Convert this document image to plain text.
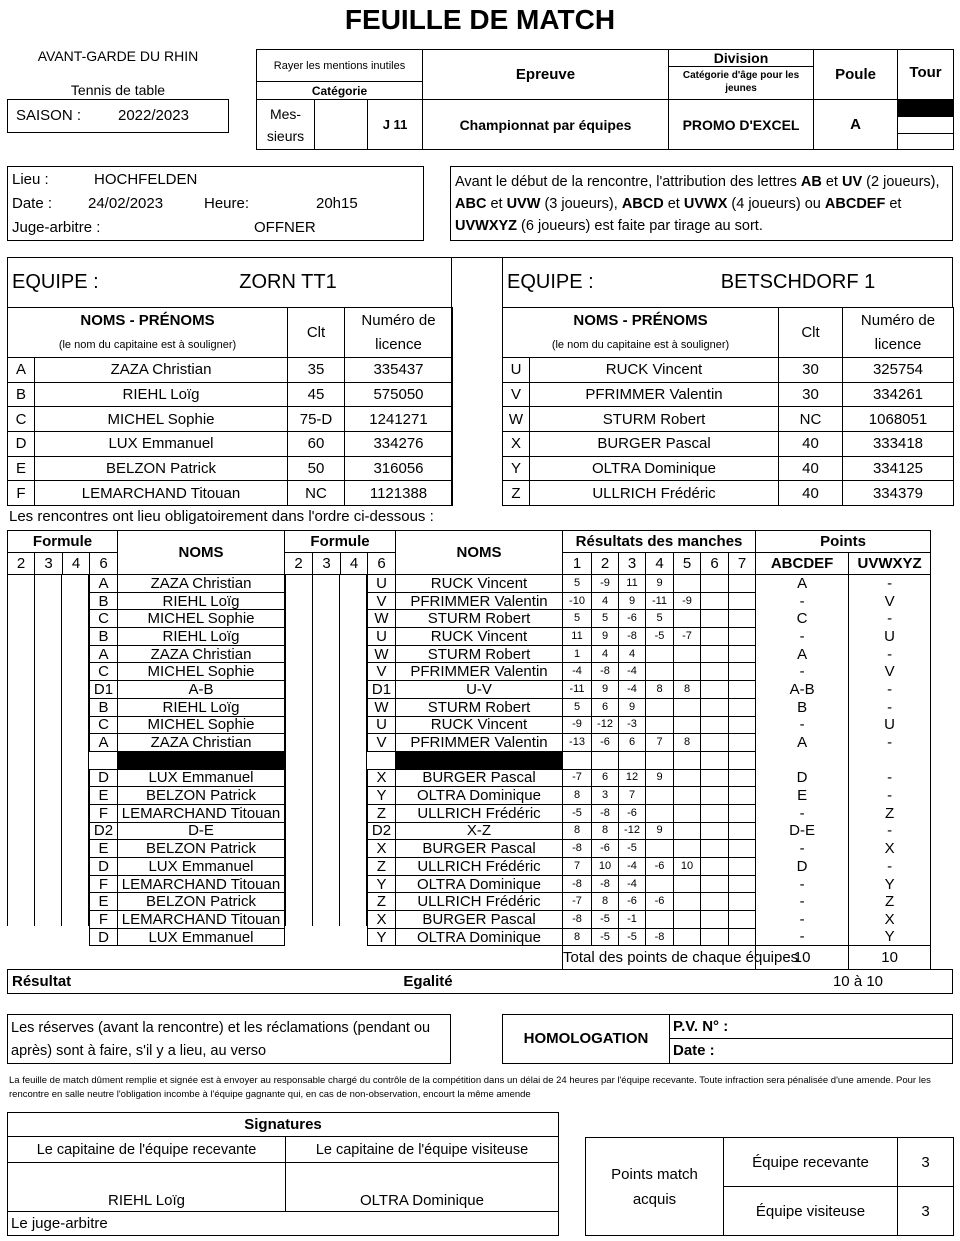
FEUILLE DE MATCH
AVANT-GARDE DU RHIN
Tennis de table
SAISON : 2022/2023
Rayer les mentions inutiles			Epreuve	Division
Catégorie d'âge pour les jeunes	Poule	Tour
Catégorie						
Mes-sieurs		J 11	Championnat par équipes	PROMO D'EXCEL	A	
Lieu :	HOCHFELDEN
Date : 24/02/2023	Heure:	20h15
Juge-arbitre :	OFFNER
Avant le début de la rencontre, l'attribution des lettres AB et UV (2 joueurs), ABC et UVW (3 joueurs), ABCD et UVWX (4 joueurs) ou ABCDEF et UVWXYZ (6 joueurs) est faite par tirage au sort.
EQUIPE :	ZORN TT1	EQUIPE :	BETSCHDORF 1
NOMS - PRÉNOMS		Clt	Numéro de licence
(le nom du capitaine est à souligner)			
A	ZAZA Christian	35	335437
B	RIEHL Loïg	45	575050
C	MICHEL Sophie	75-D	1241271
D	LUX Emmanuel	60	334276
E	BELZON Patrick	50	316056
F	LEMARCHAND Titouan	NC	1121388
NOMS - PRÉNOMS		Clt	Numéro de licence
(le nom du capitaine est à souligner)			
U	RUCK Vincent	30	325754
V	PFRIMMER Valentin	30	334261
W	STURM Robert	NC	1068051
X	BURGER Pascal	40	333418
Y	OLTRA Dominique	40	334125
Z	ULLRICH Frédéric	40	334379
Les rencontres ont lieu obligatoirement dans l'ordre ci-dessous :
Formule				NOMS	Formule				NOMS	Résultats des manches							Points	
2	3	4	6		2	3	4	6		1	2	3	4	5	6	7	ABCDEF	UVWXYZ
			A	ZAZA Christian				U	RUCK Vincent	5	-9	11	9				A	-
			B	RIEHL Loïg				V	PFRIMMER Valentin	-10	4	9	-11	-9			-	V
			C	MICHEL Sophie				W	STURM Robert	5	5	-6	5				C	-
			B	RIEHL Loïg				U	RUCK Vincent	11	9	-8	-5	-7			-	U
			A	ZAZA Christian				W	STURM Robert	1	4	4					A	-
			C	MICHEL Sophie				V	PFRIMMER Valentin	-4	-8	-4					-	V
			D1	A-B				D1	U-V	-11	9	-4	8	8			A-B	-
			B	RIEHL Loïg				W	STURM Robert	5	6	9					B	-
			C	MICHEL Sophie				U	RUCK Vincent	-9	-12	-3					-	U
			A	ZAZA Christian				V	PFRIMMER Valentin	-13	-6	6	7	8			A	-

			D	LUX Emmanuel				X	BURGER Pascal	-7	6	12	9				D	-
			E	BELZON Patrick				Y	OLTRA Dominique	8	3	7					E	-
			F	LEMARCHAND Titouan				Z	ULLRICH Frédéric	-5	-8	-6					-	Z
			D2	D-E				D2	X-Z	8	8	-12	9				D-E	-
			E	BELZON Patrick				X	BURGER Pascal	-8	-6	-5					-	X
			D	LUX Emmanuel				Z	ULLRICH Frédéric	7	10	-4	-6	10			D	-
			F	LEMARCHAND Titouan				Y	OLTRA Dominique	-8	-8	-4					-	Y
			E	BELZON Patrick				Z	ULLRICH Frédéric	-7	8	-6	-6				-	Z
			F	LEMARCHAND Titouan				X	BURGER Pascal	-8	-5	-1					-	X
			D	LUX Emmanuel				Y	OLTRA Dominique	8	-5	-5	-8				-	Y
										Total des points de chaque équipes							10	10
Résultat	Egalité	10 à 10
Les réserves (avant la rencontre) et les réclamations (pendant ou après) sont à faire, s'il y a lieu, au verso
HOMOLOGATION
P.V. N° :
Date :
La feuille de match dûment remplie et signée est à envoyer au responsable chargé du contrôle de la compétition dans un délai de 24 heures par l'équipe recevante. Toute infraction sera pénalisée d'une amende. Pour les rencontre en salle neutre l'obligation incombe à l'équipe gagnante qui, en cas de non-observation, encourt la même amende
Signatures	
Le capitaine de l'équipe recevante	Le capitaine de l'équipe visiteuse
RIEHL Loïg	OLTRA Dominique
Le juge-arbitre	
Points match acquis	Équipe recevante	3
	Équipe visiteuse	3
